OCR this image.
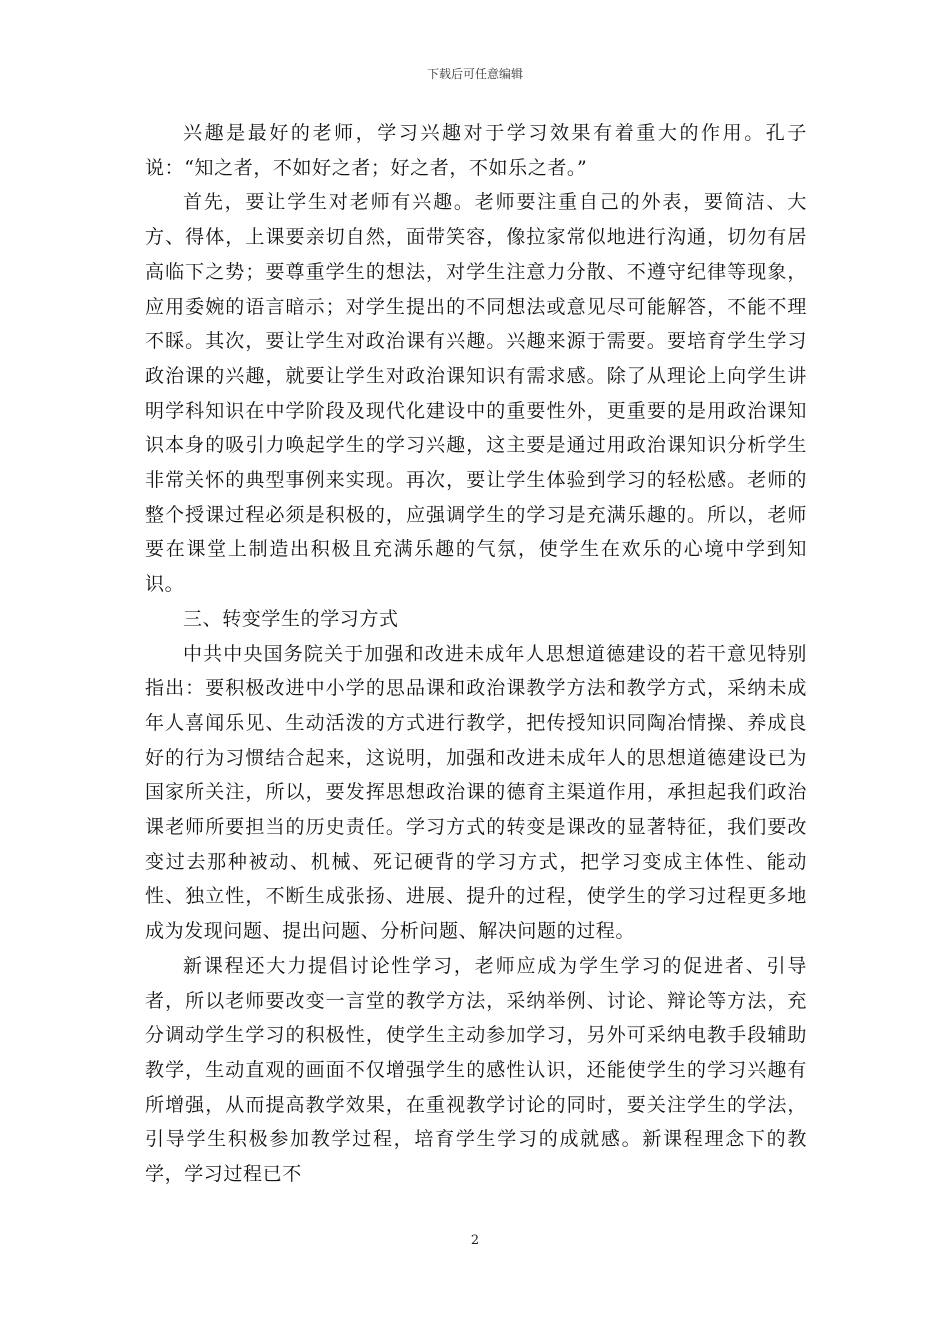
下载后可任意编辑

兴趣是最好的老师，学习兴趣对于学习效果有着重大的作用。孔子说：“知之者，不如好之者；好之者，不如乐之者。”

首先，要让学生对老师有兴趣。老师要注重自己的外表，要简洁、大方、得体，上课要亲切自然，面带笑容，像拉家常似地进行沟通，切勿有居高临下之势；要尊重学生的想法，对学生注意力分散、不遵守纪律等现象，应用委婉的语言暗示；对学生提出的不同想法或意见尽可能解答，不能不理不睬。其次，要让学生对政治课有兴趣。兴趣来源于需要。要培育学生学习政治课的兴趣，就要让学生对政治课知识有需求感。除了从理论上向学生讲明学科知识在中学阶段及现代化建设中的重要性外，更重要的是用政治课知识本身的吸引力唤起学生的学习兴趣，这主要是通过用政治课知识分析学生非常关怀的典型事例来实现。再次，要让学生体验到学习的轻松感。老师的整个授课过程必须是积极的，应强调学生的学习是充满乐趣的。所以，老师要在课堂上制造出积极且充满乐趣的气氛，使学生在欢乐的心境中学到知识。

三、转变学生的学习方式

中共中央国务院关于加强和改进未成年人思想道德建设的若干意见特别指出：要积极改进中小学的思品课和政治课教学方法和教学方式，采纳未成年人喜闻乐见、生动活泼的方式进行教学，把传授知识同陶冶情操、养成良好的行为习惯结合起来，这说明，加强和改进未成年人的思想道德建设已为国家所关注，所以，要发挥思想政治课的德育主渠道作用，承担起我们政治课老师所要担当的历史责任。学习方式的转变是课改的显著特征，我们要改变过去那种被动、机械、死记硬背的学习方式，把学习变成主体性、能动性、独立性，不断生成张扬、进展、提升的过程，使学生的学习过程更多地成为发现问题、提出问题、分析问题、解决问题的过程。

新课程还大力提倡讨论性学习，老师应成为学生学习的促进者、引导者，所以老师要改变一言堂的教学方法，采纳举例、讨论、辩论等方法，充分调动学生学习的积极性，使学生主动参加学习，另外可采纳电教手段辅助教学，生动直观的画面不仅增强学生的感性认识，还能使学生的学习兴趣有所增强，从而提高教学效果，在重视教学讨论的同时，要关注学生的学法，引导学生积极参加教学过程，培育学生学习的成就感。新课程理念下的教学，学习过程已不

2
